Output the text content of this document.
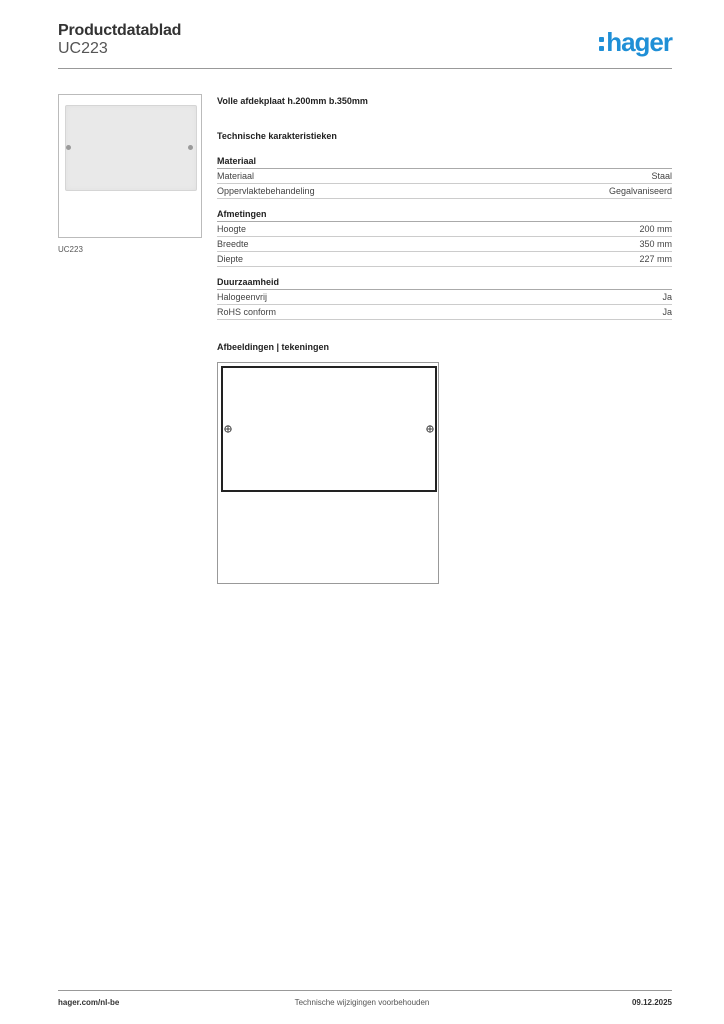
Productdatablad
UC223	hager
UC223
Volle afdekplaat h.200mm b.350mm
Technische karakteristieken
Materiaal
Materiaal	Staal
Oppervlaktebehandeling	Gegalvaniseerd
Afmetingen
Hoogte	200 mm
Breedte	350 mm
Diepte	227 mm
Duurzaamheid
Halogeenvrij	Ja
RoHS conform	Ja
Afbeeldingen | tekeningen
hager.com/nl-be	Technische wijzigingen voorbehouden	09.12.2025
